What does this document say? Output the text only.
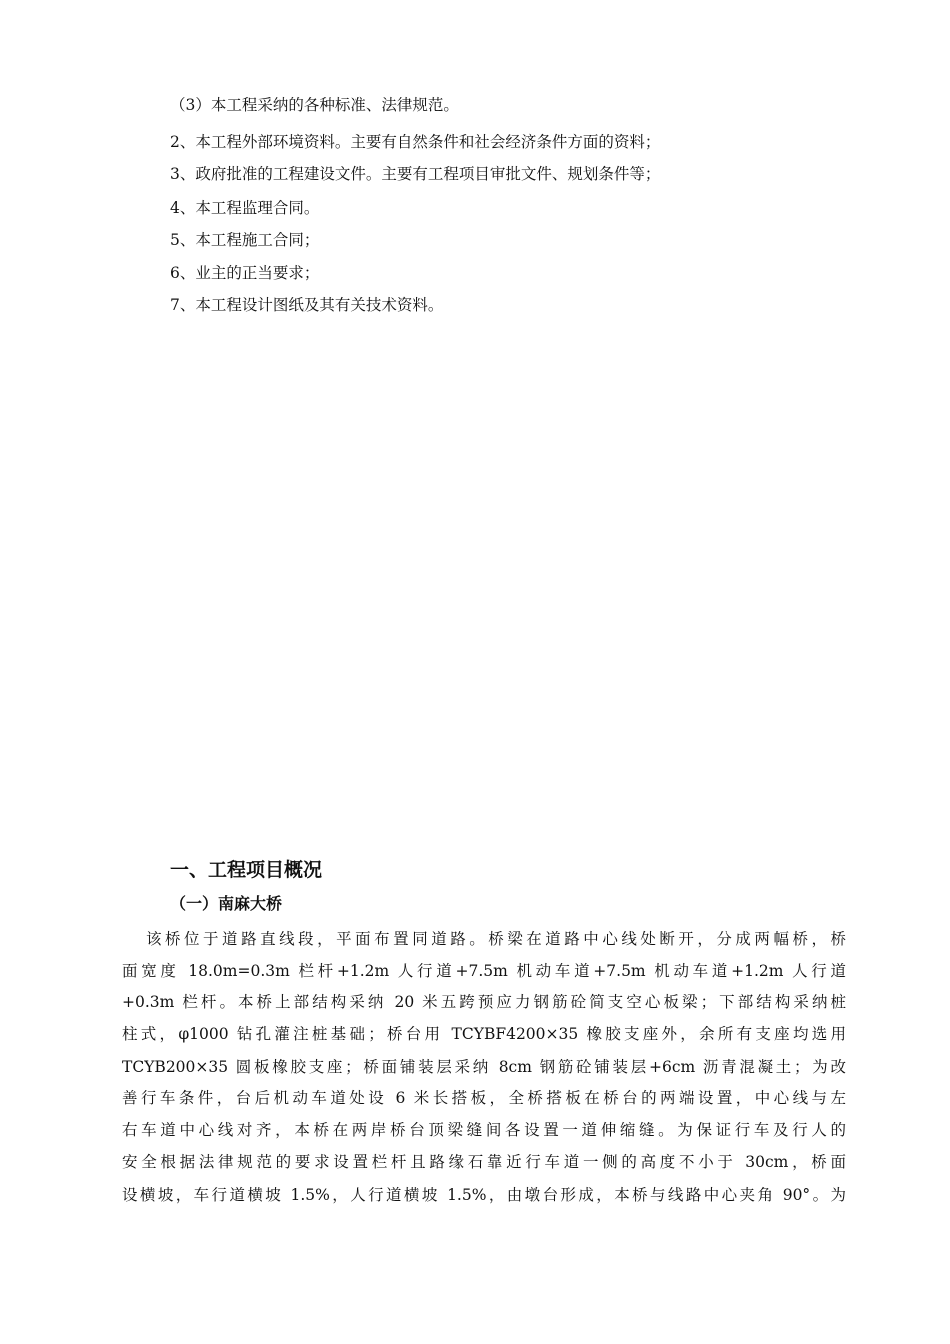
（3）本工程采纳的各种标准、法律规范。
2、本工程外部环境资料。主要有自然条件和社会经济条件方面的资料；
3、政府批准的工程建设文件。主要有工程项目审批文件、规划条件等；
4、本工程监理合同。
5、本工程施工合同；
6、业主的正当要求；
7、本工程设计图纸及其有关技术资料。
一、工程项目概况
（一）南麻大桥
该桥位于道路直线段，平面布置同道路。桥梁在道路中心线处断开，分成两幅桥，桥
面宽度 18.0m=0.3m 栏杆+1.2m 人行道+7.5m 机动车道+7.5m 机动车道+1.2m 人行道
+0.3m 栏杆。本桥上部结构采纳 20 米五跨预应力钢筋砼简支空心板梁；下部结构采纳桩
柱式，φ1000 钻孔灌注桩基础；桥台用 TCYBF4200×35 橡胶支座外，余所有支座均选用
TCYB200×35 圆板橡胶支座；桥面铺装层采纳 8cm 钢筋砼铺装层+6cm 沥青混凝土；为改
善行车条件，台后机动车道处设 6 米长搭板，全桥搭板在桥台的两端设置，中心线与左
右车道中心线对齐，本桥在两岸桥台顶梁缝间各设置一道伸缩缝。为保证行车及行人的
安全根据法律规范的要求设置栏杆且路缘石靠近行车道一侧的高度不小于 30cm，桥面
设横坡，车行道横坡 1.5%，人行道横坡 1.5%，由墩台形成，本桥与线路中心夹角 90°。为
